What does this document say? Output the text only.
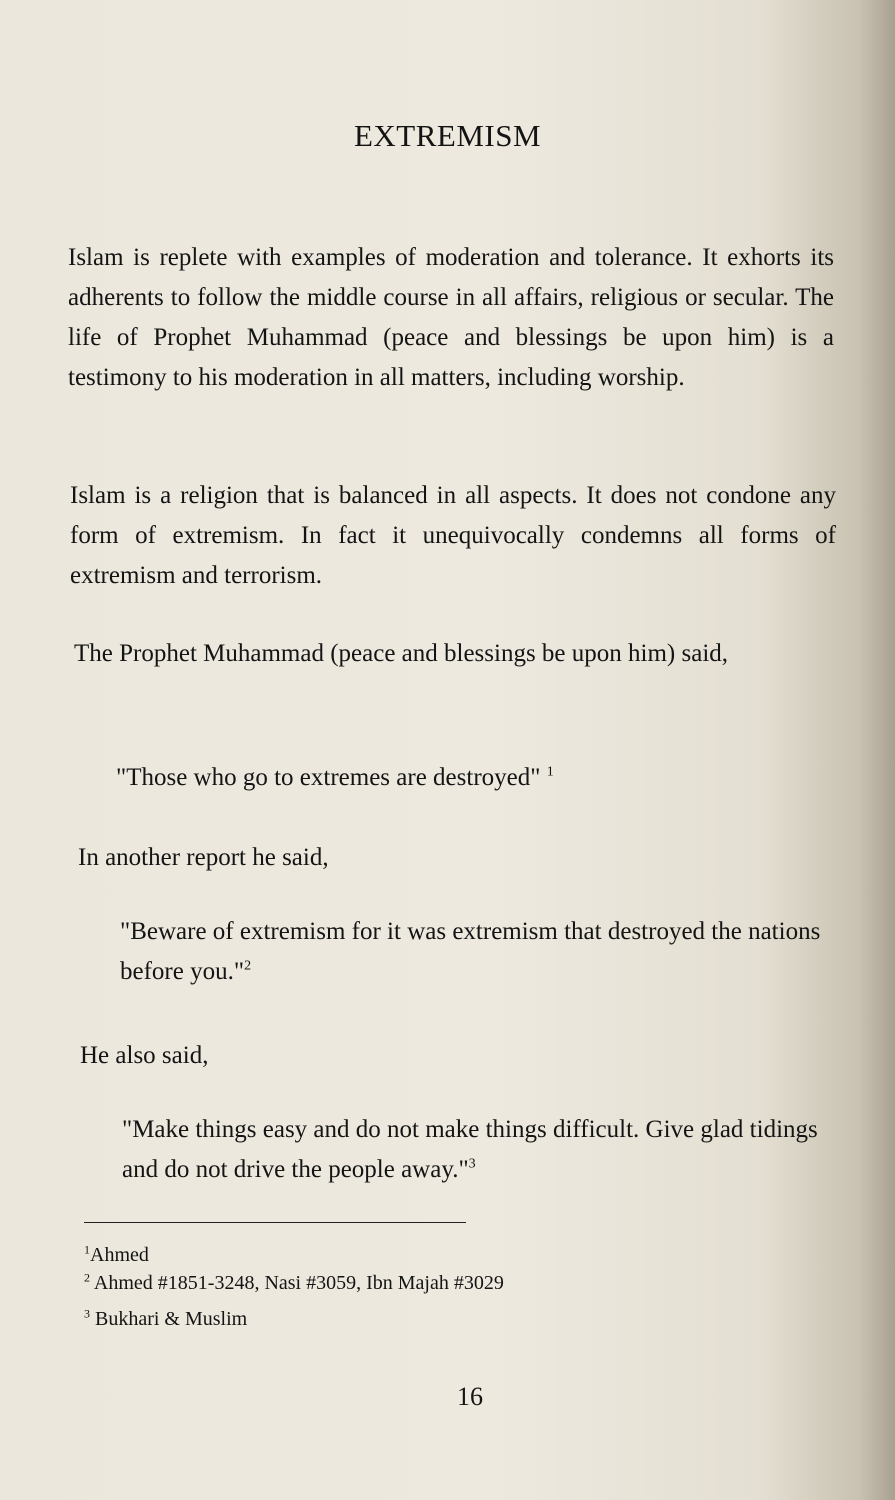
EXTREMISM

Islam is replete with examples of moderation and tolerance. It exhorts its adherents to follow the middle course in all affairs, religious or secular. The life of Prophet Muhammad (peace and blessings be upon him) is a testimony to his moderation in all matters, including worship.

Islam is a religion that is balanced in all aspects. It does not condone any form of extremism. In fact it unequivocally condemns all forms of extremism and terrorism.

The Prophet Muhammad (peace and blessings be upon him) said,

"Those who go to extremes are destroyed" $^1$

In another report he said,

"Beware of extremism for it was extremism that destroyed the nations before you."$^2$

He also said,

"Make things easy and do not make things difficult. Give glad tidings and do not drive the people away."$^3$

$^1$Ahmed

$^2$ Ahmed #1851-3248, Nasi #3059, Ibn Majah #3029

$^3$ Bukhari & Muslim

16
